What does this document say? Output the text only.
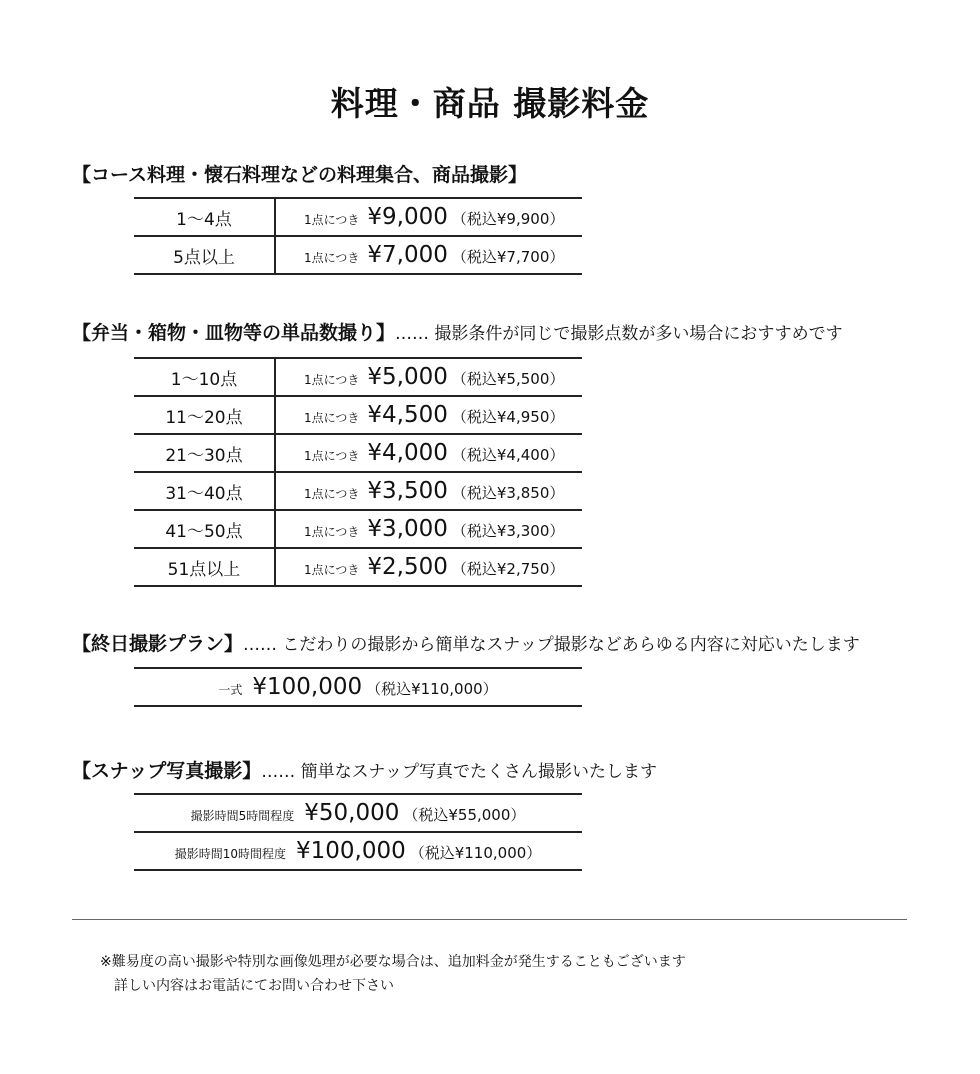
料理・商品 撮影料金
【コース料理・懐石料理などの料理集合、商品撮影】
1～4点	1点につき ¥9,000 （税込¥9,900）
5点以上	1点につき ¥7,000 （税込¥7,700）
【弁当・箱物・皿物等の単品数撮り】…… 撮影条件が同じで撮影点数が多い場合におすすめです
1～10点	1点につき ¥5,000 （税込¥5,500）
11～20点	1点につき ¥4,500 （税込¥4,950）
21～30点	1点につき ¥4,000 （税込¥4,400）
31～40点	1点につき ¥3,500 （税込¥3,850）
41～50点	1点につき ¥3,000 （税込¥3,300）
51点以上	1点につき ¥2,500 （税込¥2,750）
【終日撮影プラン】…… こだわりの撮影から簡単なスナップ撮影などあらゆる内容に対応いたします
一式 ¥100,000 （税込¥110,000）
【スナップ写真撮影】…… 簡単なスナップ写真でたくさん撮影いたします
撮影時間5時間程度 ¥50,000 （税込¥55,000）
撮影時間10時間程度 ¥100,000 （税込¥110,000）
※難易度の高い撮影や特別な画像処理が必要な場合は、追加料金が発生することもございます
詳しい内容はお電話にてお問い合わせ下さい
